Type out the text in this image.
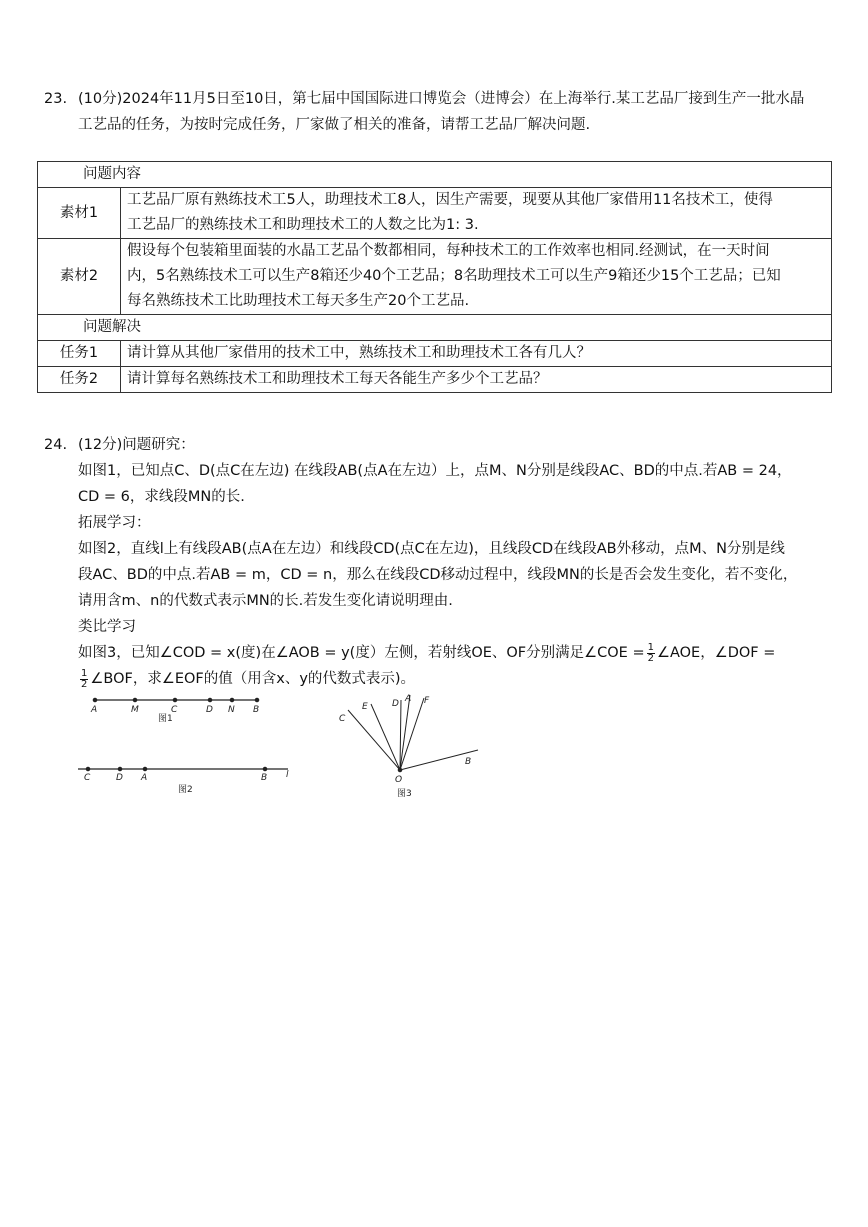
23. (10分)2024年11月5日至10日，第七届中国国际进口博览会（进博会）在上海举行.某工艺品厂接到生产一批水晶
工艺品的任务，为按时完成任务，厂家做了相关的准备，请帮工艺品厂解决问题.
问题内容	
素材1	工艺品厂原有熟练技术工5人，助理技术工8人，因生产需要，现要从其他厂家借用11名技术工，使得
工艺品厂的熟练技术工和助理技术工的人数之比为1: 3.

素材2	假设每个包装箱里面装的水晶工艺品个数都相同，每种技术工的工作效率也相同.经测试，在一天时间
内，5名熟练技术工可以生产8箱还少40个工艺品；8名助理技术工可以生产9箱还少15个工艺品；已知
每名熟练技术工比助理技术工每天多生产20个工艺品.

问题解决	
任务1	请计算从其他厂家借用的技术工中，熟练技术工和助理技术工各有几人？
任务2	请计算每名熟练技术工和助理技术工每天各能生产多少个工艺品？
24. (12分)问题研究：
如图1，已知点C、D(点C在左边) 在线段AB(点A在左边）上，点M、N分别是线段AC、BD的中点.若AB = 24，
CD = 6，求线段MN的长.
拓展学习：
如图2，直线l上有线段AB(点A在左边）和线段CD(点C在左边)，且线段CD在线段AB外移动，点M、N分别是线
段AC、BD的中点.若AB = m，CD = n，那么在线段CD移动过程中，线段MN的长是否会发生变化，若不变化，
请用含m、n的代数式表示MN的长.若发生变化请说明理由.
类比学习
如图3，已知∠COD = x(度)在∠AOB = y(度）左侧，若射线OE、OF分别满足∠COE = $\frac{1}{2}$ ∠AOE，∠DOF =
$\frac{1}{2}$ ∠BOF，求∠EOF的值（用含x、y的代数式表示)。
A	M	C	D N B
图1
C	D A	B l
图2
C
E	D A F
B
O
图3
